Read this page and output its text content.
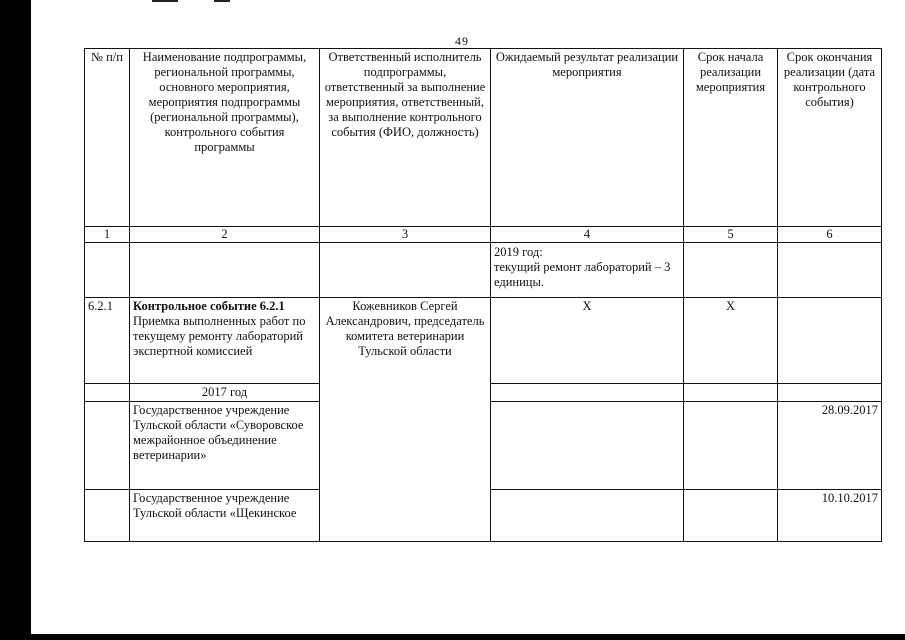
49
№ п/п	Наименование подпрограммы, региональной программы, основного мероприятия, мероприятия подпрограммы (региональной программы), контрольного события программы	Ответственный исполнитель подпрограммы, ответственный за выполнение мероприятия, ответственный, за выполнение контрольного события (ФИО, должность)	Ожидаемый результат реализации мероприятия	Срок начала реализации мероприятия	Срок окончания реализации (дата контрольного события)
1	2	3	4	5	6
			2019 год:
текущий ремонт лабораторий – 3 единицы.		
6.2.1	Контрольное событие 6.2.1 Приемка выполненных работ по текущему ремонту лабораторий экспертной комиссией	Кожевников Сергей Александрович, председатель комитета ветеринарии Тульской области	Х	Х	
	2017 год				
	Государственное учреждение Тульской области «Суворовское межрайонное объединение ветеринарии»				28.09.2017
	Государственное учреждение Тульской области «Щекинское				10.10.2017
